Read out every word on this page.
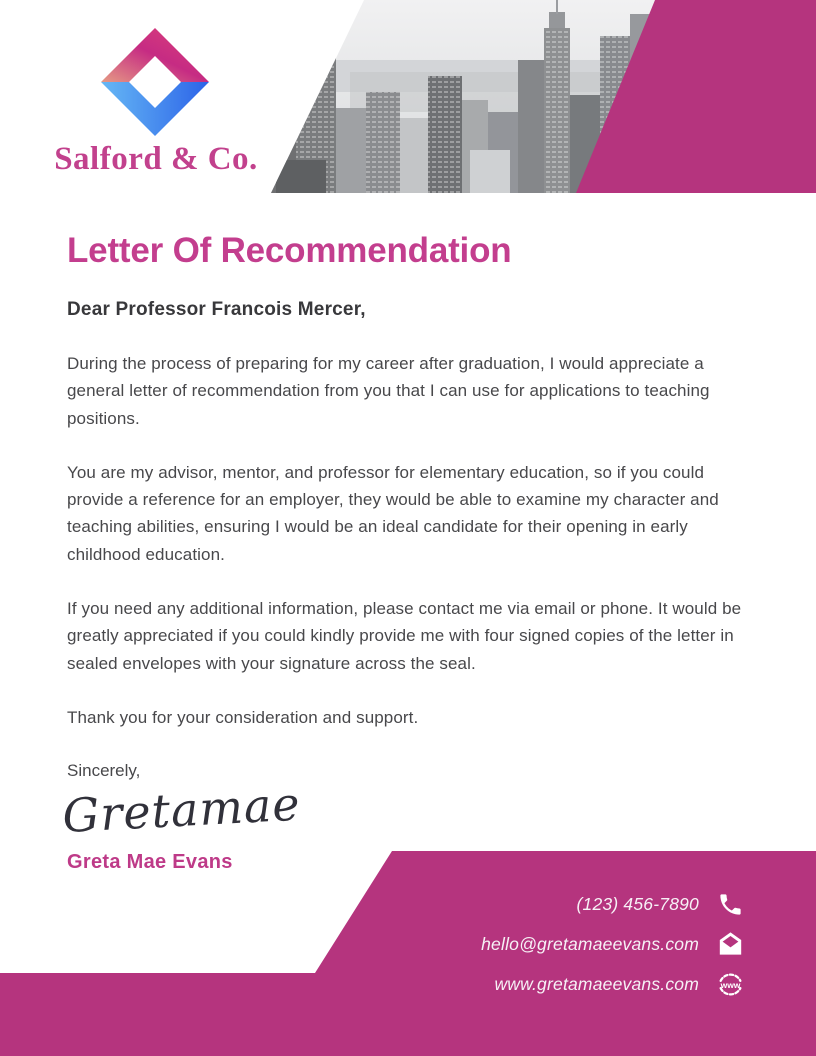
Salford & Co.
Letter Of Recommendation
Dear Professor Francois Mercer,

During the process of preparing for my career after graduation, I would appreciate a general letter of recommendation from you that I can use for applications to teaching positions.

You are my advisor, mentor, and professor for elementary education, so if you could provide a reference for an employer, they would be able to examine my character and teaching abilities, ensuring I would be an ideal candidate for their opening in early childhood education.

If you need any additional information, please contact me via email or phone. It would be greatly appreciated if you could kindly provide me with four signed copies of the letter in sealed envelopes with your signature across the seal.

Thank you for your consideration and support.

Sincerely,
Gretamae
Greta Mae Evans
(123) 456-7890
hello@gretamaeevans.com
www.gretamaeevans.com	www
